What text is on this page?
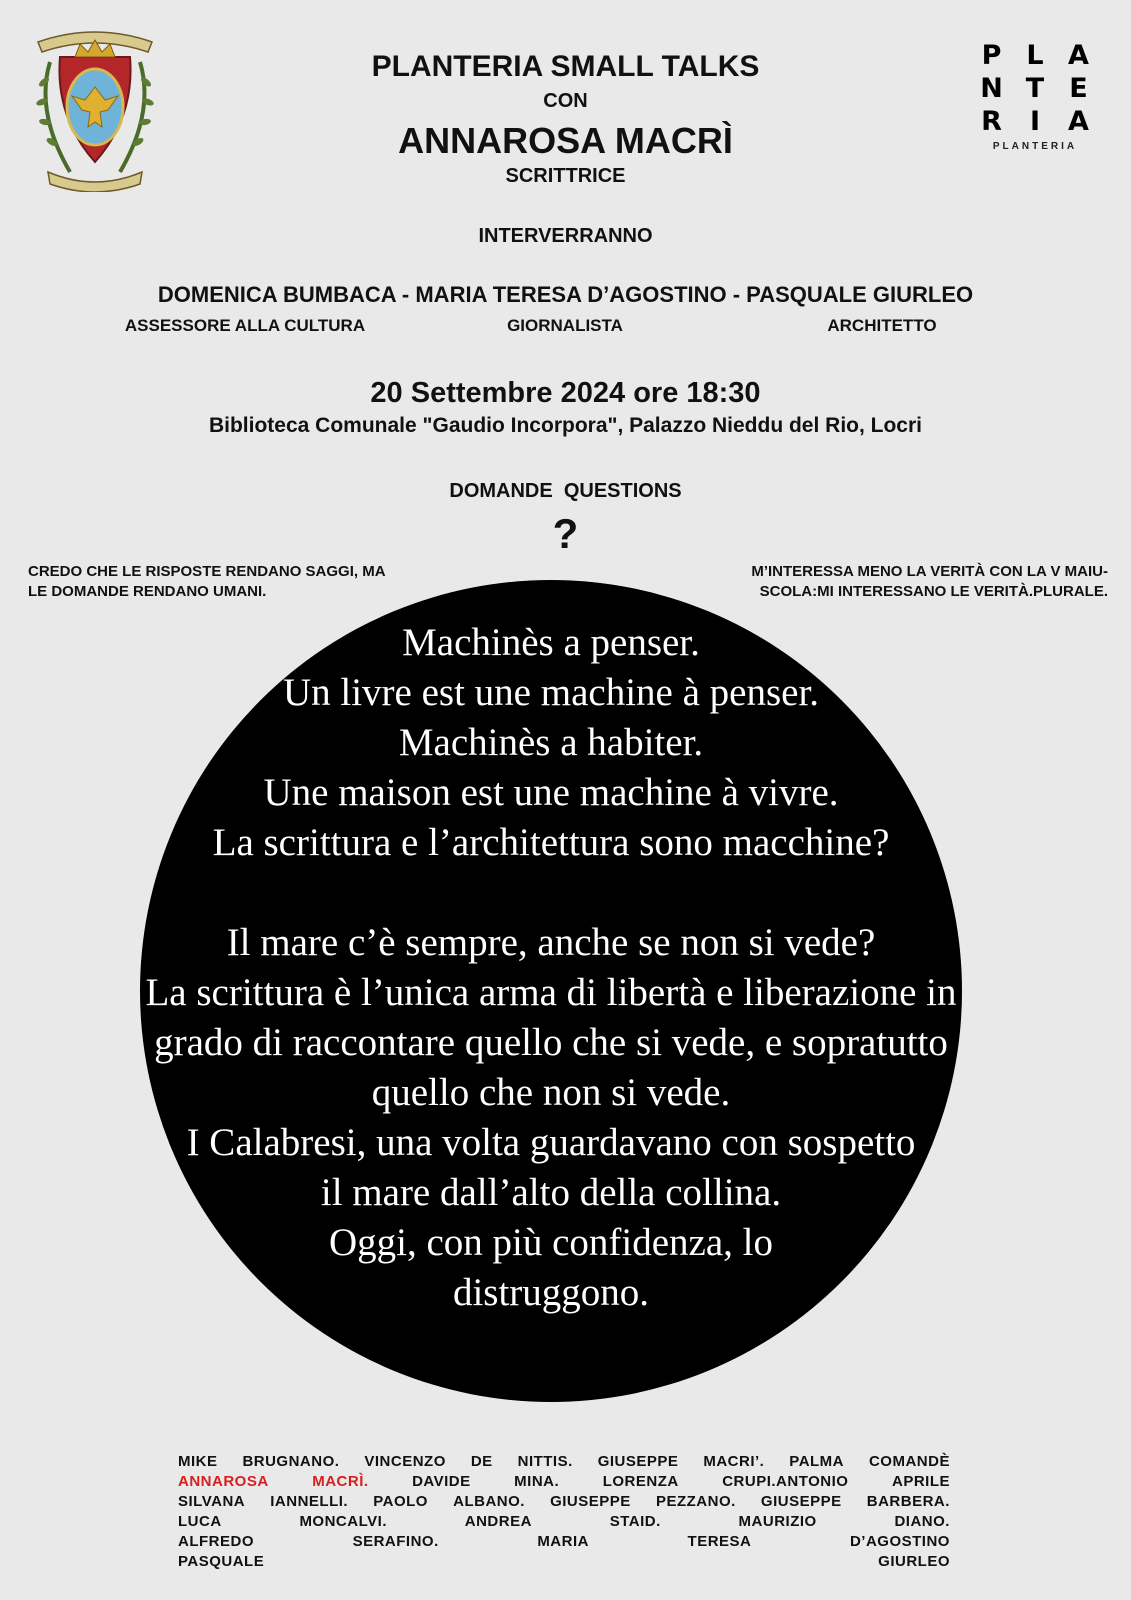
P L A
N T E
R	I	A
PLANTERIA
PLANTERIA SMALL TALKS
CON
ANNAROSA MACRÌ
SCRITTRICE
INTERVERRANNO
DOMENICA BUMBACA - MARIA TERESA D’AGOSTINO - PASQUALE GIURLEO
ASSESSORE ALLA CULTURA	GIORNALISTA	ARCHITETTO
20 Settembre 2024 ore 18:30
Biblioteca Comunale "Gaudio Incorpora", Palazzo Nieddu del Rio, Locri
DOMANDE  QUESTIONS
?
CREDO CHE LE RISPOSTE RENDANO SAGGI, MA
LE DOMANDE RENDANO UMANI.
M’INTERESSA MENO LA VERITÀ CON LA V MAIU-
SCOLA:MI INTERESSANO LE VERITÀ.PLURALE.
Machinès a penser.
Un livre est une machine à penser.
Machinès a habiter.
Une maison est une machine à vivre.
La scrittura e l’architettura sono macchine?
Il mare c’è sempre, anche se non si vede?
La scrittura è l’unica arma di libertà e liberazione in
grado di raccontare quello che si vede, e sopratutto
quello che non si vede.
I Calabresi, una volta guardavano con sospetto
il mare dall’alto della collina.
Oggi, con più confidenza, lo
distruggono.
MIKE BRUGNANO. VINCENZO DE NITTIS. GIUSEPPE MACRI’. PALMA COMANDÈ
ANNAROSA	MACRÌ.	DAVIDE	MINA.	LORENZA	CRUPI.ANTONIO	APRILE
SILVANA IANNELLI. PAOLO ALBANO. GIUSEPPE PEZZANO. GIUSEPPE BARBERA.
LUCA	MONCALVI.	ANDREA	STAID.	MAURIZIO	DIANO.
ALFREDO	SERAFINO.	MARIA	TERESA	D’AGOSTINO
PASQUALE	GIURLEO
